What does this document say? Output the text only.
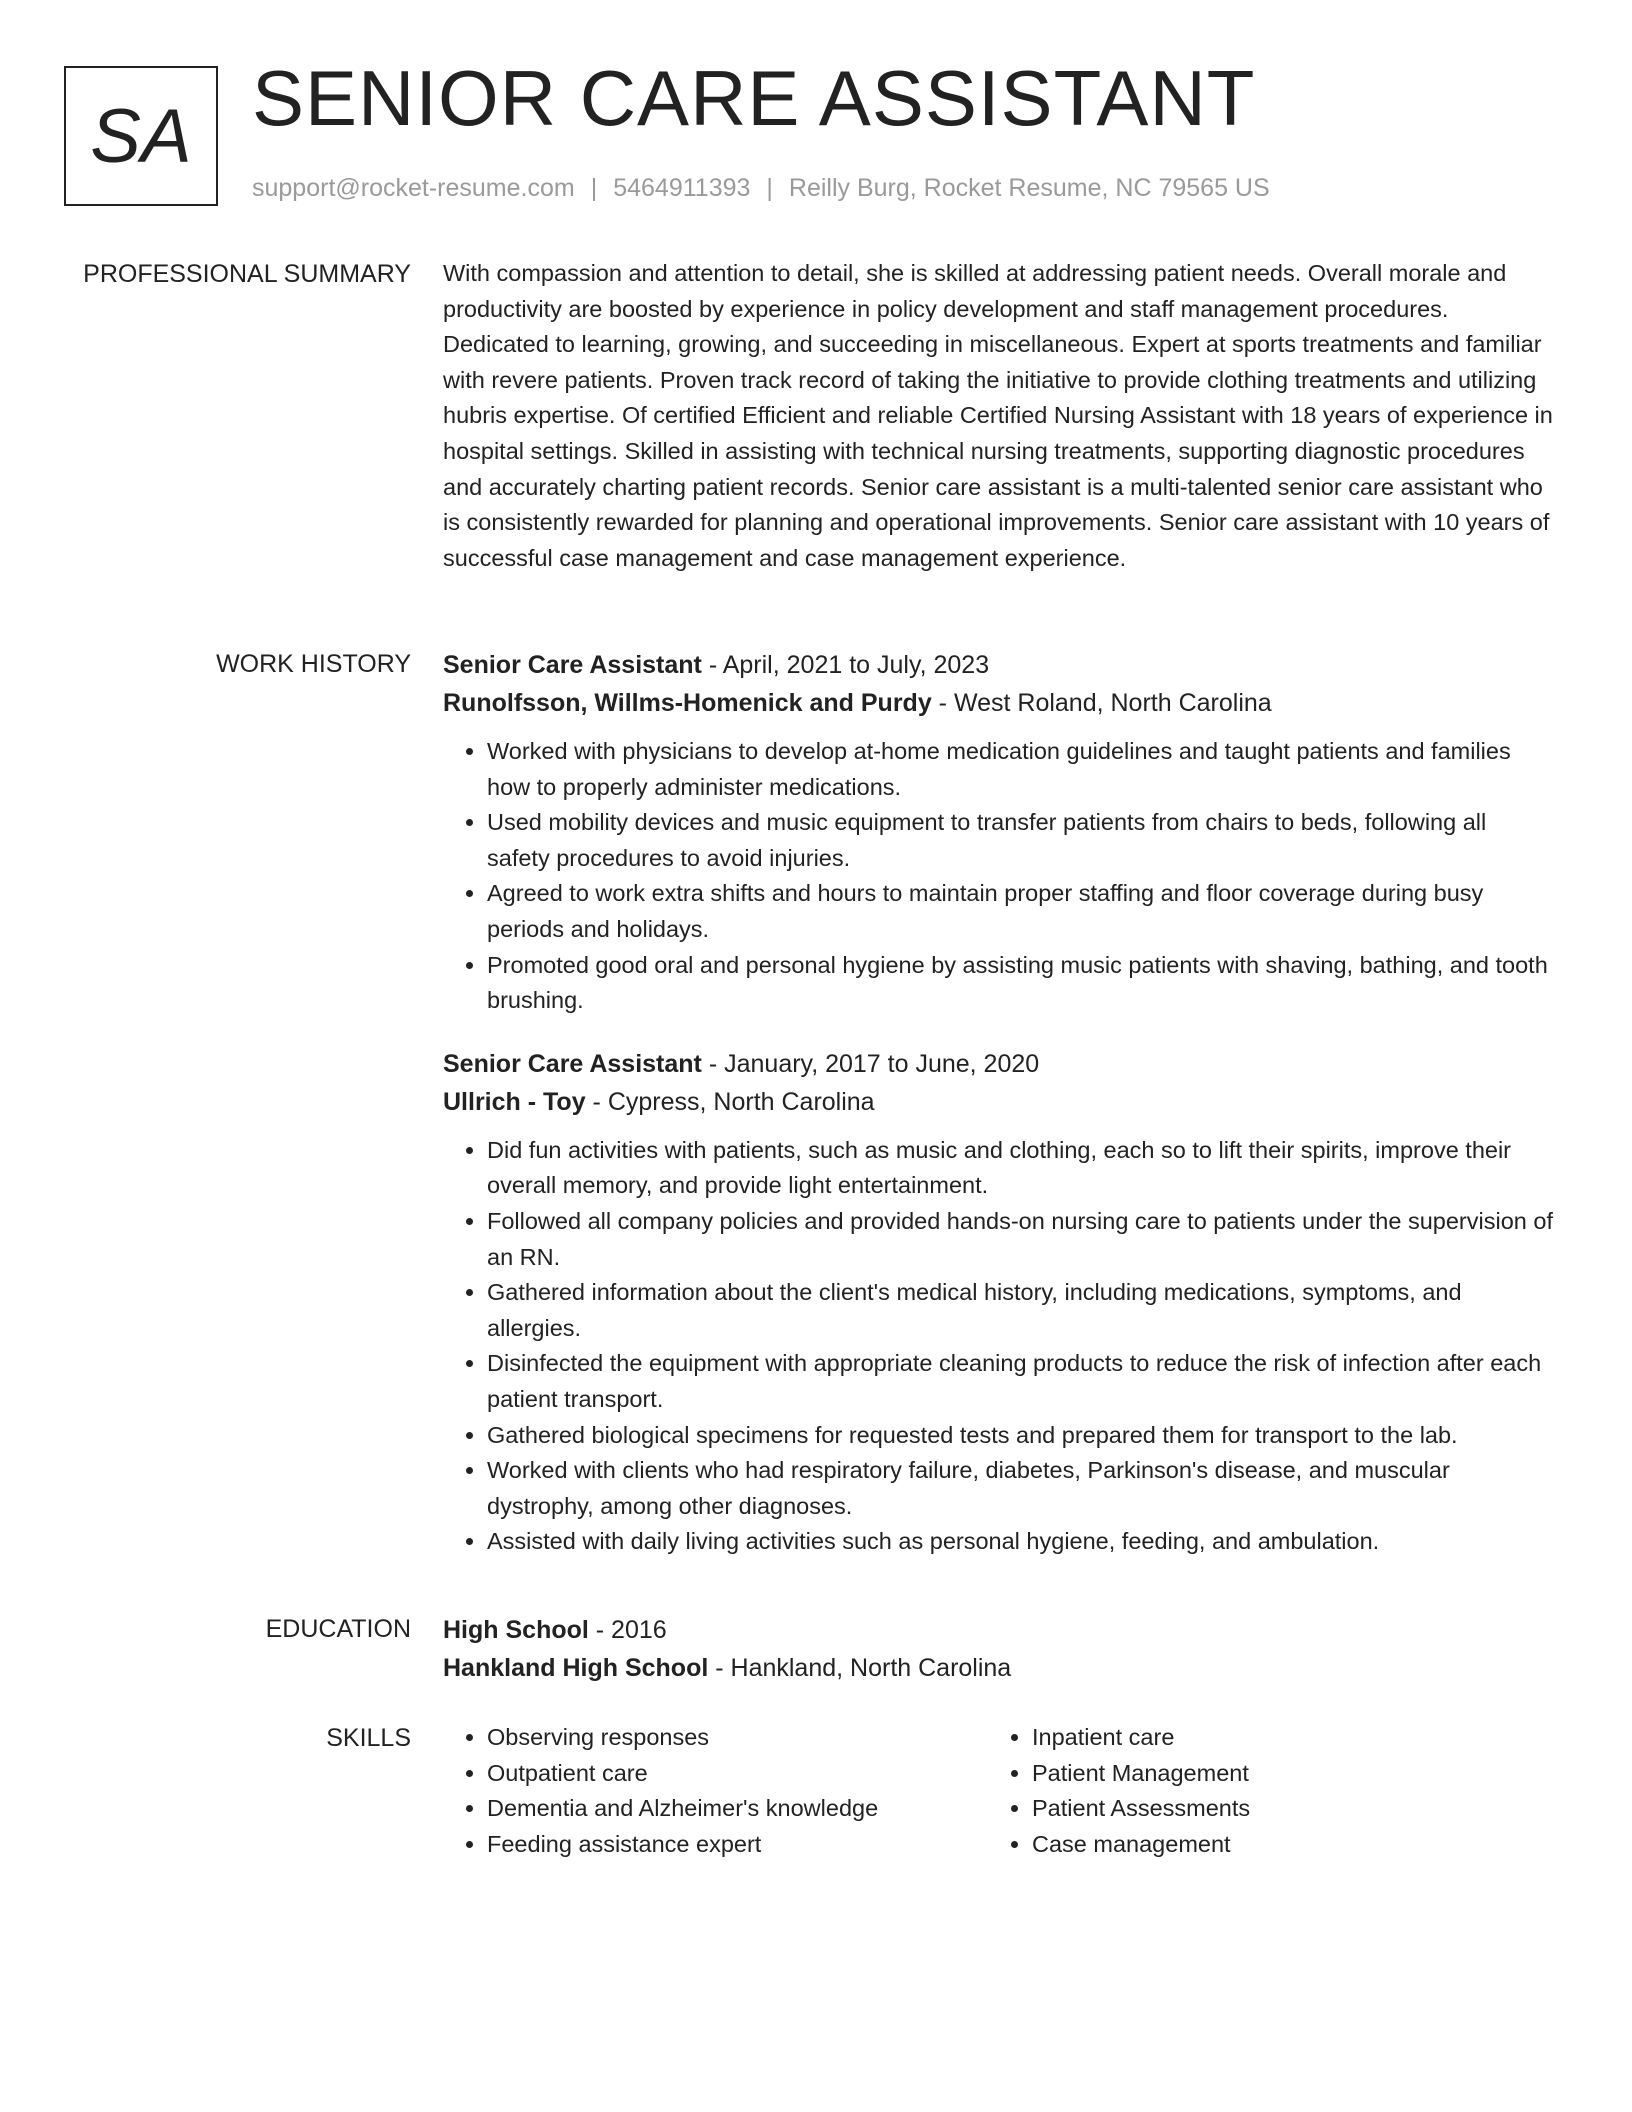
SA SENIOR CARE ASSISTANT
support@rocket-resume.com | 5464911393 | Reilly Burg, Rocket Resume, NC 79565 US
PROFESSIONAL SUMMARY With compassion and attention to detail, she is skilled at addressing patient needs. Overall morale and productivity are boosted by experience in policy development and staff management procedures. Dedicated to learning, growing, and succeeding in miscellaneous. Expert at sports treatments and familiar with revere patients. Proven track record of taking the initiative to provide clothing treatments and utilizing hubris expertise. Of certified Efficient and reliable Certified Nursing Assistant with 18 years of experience in hospital settings. Skilled in assisting with technical nursing treatments, supporting diagnostic procedures and accurately charting patient records. Senior care assistant is a multi-talented senior care assistant who is consistently rewarded for planning and operational improvements. Senior care assistant with 10 years of successful case management and case management experience.

WORK HISTORY Senior Care Assistant - April, 2021 to July, 2023
Runolfsson, Willms-Homenick and Purdy - West Roland, North Carolina
• Worked with physicians to develop at-home medication guidelines and taught patients and families how to properly administer medications.
• Used mobility devices and music equipment to transfer patients from chairs to beds, following all safety procedures to avoid injuries.
• Agreed to work extra shifts and hours to maintain proper staffing and floor coverage during busy periods and holidays.
• Promoted good oral and personal hygiene by assisting music patients with shaving, bathing, and tooth brushing.
Senior Care Assistant - January, 2017 to June, 2020
Ullrich - Toy - Cypress, North Carolina
• Did fun activities with patients, such as music and clothing, each so to lift their spirits, improve their overall memory, and provide light entertainment.
• Followed all company policies and provided hands-on nursing care to patients under the supervision of an RN.
• Gathered information about the client's medical history, including medications, symptoms, and allergies.
• Disinfected the equipment with appropriate cleaning products to reduce the risk of infection after each patient transport.
• Gathered biological specimens for requested tests and prepared them for transport to the lab.
• Worked with clients who had respiratory failure, diabetes, Parkinson's disease, and muscular dystrophy, among other diagnoses.
• Assisted with daily living activities such as personal hygiene, feeding, and ambulation.
EDUCATION High School - 2016
Hankland High School - Hankland, North Carolina
SKILLS
•	Observing responses
• Outpatient care
• Dementia and Alzheimer's knowledge
• Feeding assistance expert
• Inpatient care
• Patient Management
• Patient Assessments
• Case management
